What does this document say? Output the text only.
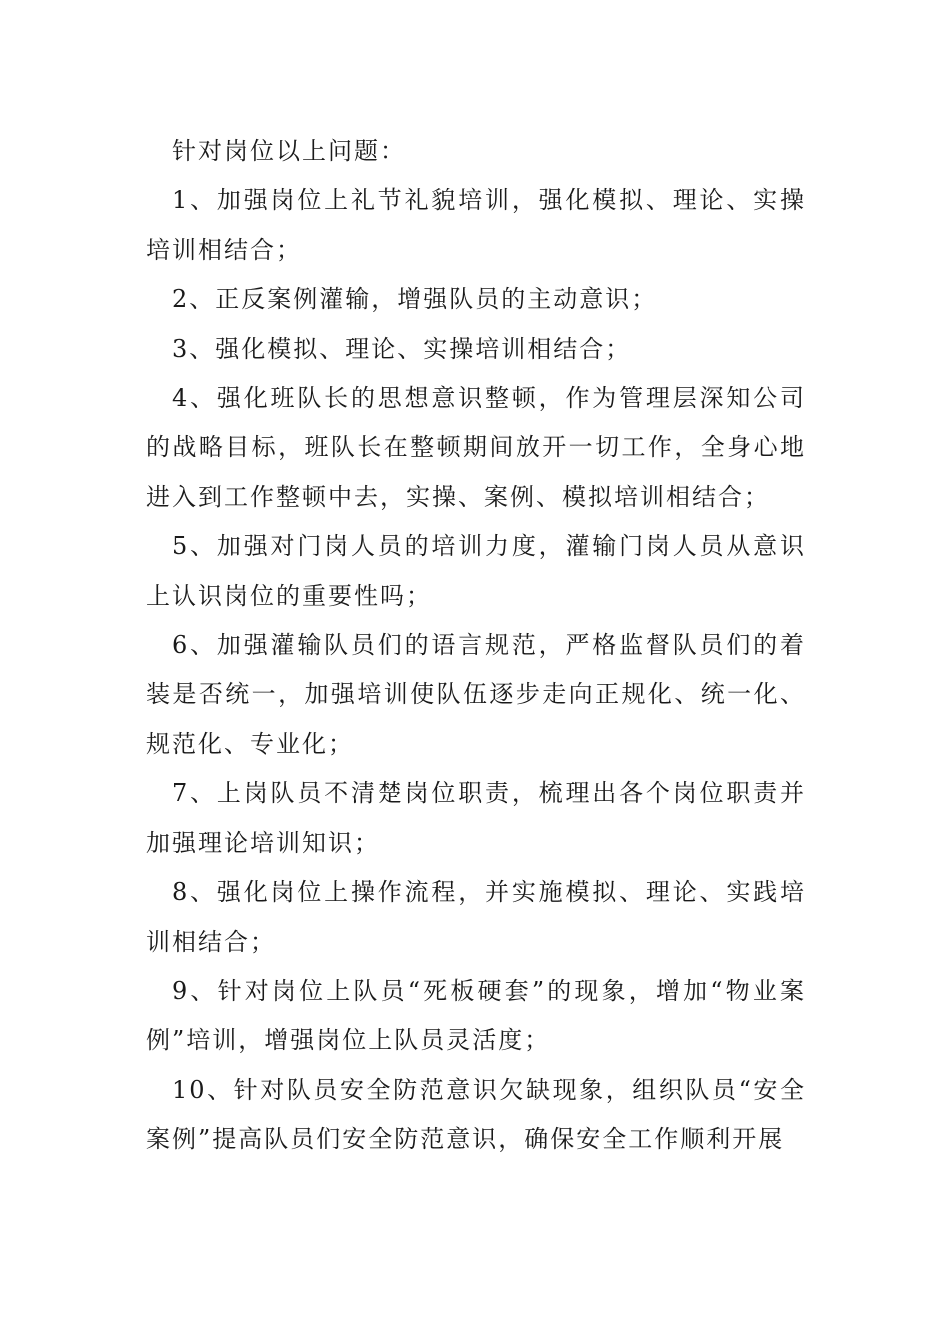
针对岗位以上问题：

1、加强岗位上礼节礼貌培训，强化模拟、理论、实操培训相结合；

2、正反案例灌输，增强队员的主动意识；

3、强化模拟、理论、实操培训相结合；

4、强化班队长的思想意识整顿，作为管理层深知公司的战略目标，班队长在整顿期间放开一切工作，全身心地进入到工作整顿中去，实操、案例、模拟培训相结合；

5、加强对门岗人员的培训力度，灌输门岗人员从意识上认识岗位的重要性吗；

6、加强灌输队员们的语言规范，严格监督队员们的着装是否统一，加强培训使队伍逐步走向正规化、统一化、规范化、专业化；

7、上岗队员不清楚岗位职责，梳理出各个岗位职责并加强理论培训知识；

8、强化岗位上操作流程，并实施模拟、理论、实践培训相结合；

9、针对岗位上队员“死板硬套”的现象，增加“物业案例”培训，增强岗位上队员灵活度；

10、针对队员安全防范意识欠缺现象，组织队员“安全案例”提高队员们安全防范意识，确保安全工作顺利开展
